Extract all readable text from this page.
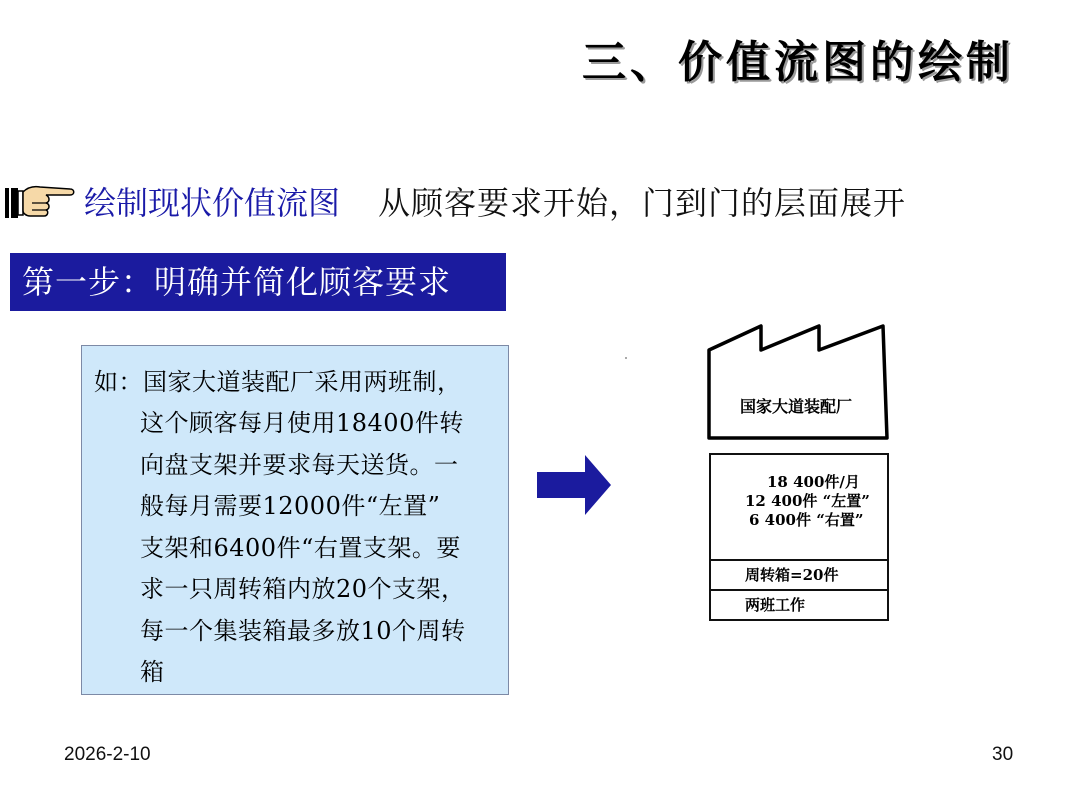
三、价值流图的绘制
绘制现状价值流图 从顾客要求开始，门到门的层面展开
第一步：明确并简化顾客要求
如：国家大道装配厂采用两班制，
这个顾客每月使用18400件转
向盘支架并要求每天送货。一
般每月需要12000件“左置”
支架和6400件“右置支架。要
求一只周转箱内放20个支架，
每一个集装箱最多放10个周转
箱
国家大道装配厂
18 400件/月
12 400件 “左置”
6 400件 “右置”
周转箱=20件
两班工作
2026-2-10	30
